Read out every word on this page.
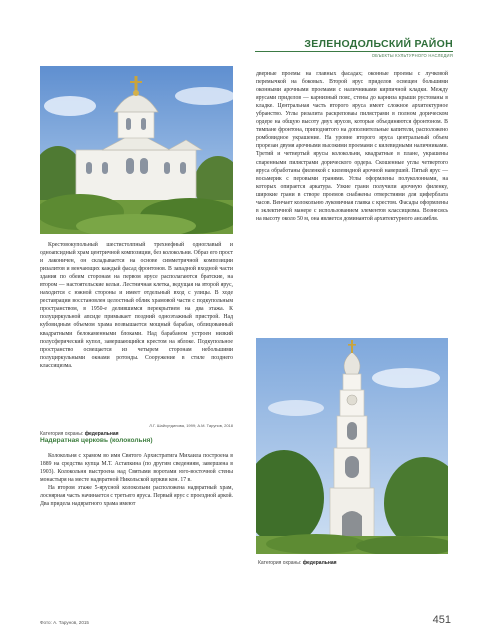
ЗЕЛЕНОДОЛЬСКИЙ РАЙОН
ОБЪЕКТЫ КУЛЬТУРНОГО НАСЛЕДИЯ

Крестовокупольный шестистолпный трехнефный одноглавый и одноапсидный храм центричной композиции, без колокольни. Образ его прост и лаконичен, он складывается на основе симметричной композиции ризалитов и венчающих каждый фасад фронтонов. В западной входной части здания по обеим сторонам на первом ярусе располагаются братские, на втором — настоятельские кельи. Лестничная клетка, ведущая на второй ярус, находится с южной стороны и имеет отдельный вход с улицы. В ходе реставрации восстановлен целостный облик храмовой части с подкупольным пространством, в 1950-е делившимся перекрытием на два этажа. К полуциркульной апсиде примыкает поздний одноэтажный пристрой. Над кубовидным объемом храма возвышается мощный барабан, облицованный квадратными белокаменными блоками. Над барабаном устроен низкий полусферический купол, завершающийся крестом на яблоке. Подкупольное пространство освещается из четырем сторонам небольшими полуциркульными окнами ротонды. Сооружение в стиле позднего классицизма.

Л.Г. Шайхутдинова, 1999; А.М. Тарунов, 2018
Категория охраны: федеральная

дверные проемы на главных фасадах; оконные проемы с лучковой перемычкой на боковых. Второй ярус приделов освещен большими оконными арочными проемами с наличниками кирпичной кладки. Между ярусами приделов — карнизный пояс, стены до карниза крыши рустованы в кладке. Центральная часть второго яруса имеет сложное архитектурное убранство. Углы ризалита раскреповаы пилястрами в полном дорическом ордере на общую высоту двух ярусов, которые объединяются фронтоном. В тимпане фронтона, приподнятого на дополнительные капители, расположено ромбовидное украшение. На уровне второго яруса центральный объем прорезан двумя арочными высокими проемами с килевидными наличниками. Третий и четвертый ярусы колокольни, квадратные в плане, украшены спаренными пилястрами дорического ордера. Скошенные углы четвертого яруса обработаны филенкой с килевидной арочной навершей. Пятый ярус — восьмерик с перовыми гранями. Углы оформлены полуколоннами, на которых опирается аркатура. Узкие грани получили арочную филенку, широкие грани в створе проемов снабжены отверстиями для циферблата часов. Венчает колокольню луковичная главка с крестом. Фасады оформлены в эклектичной манере с использованием элементов классицизма. Вознесясь на высоту около 50 м, она является доминантой архитектурного ансамбля.

Надвратная церковь (колокольня)

Колокольня с храмом во имя Святого Архистратига Михаила построена в 1889 на средства купца М.Т. Астапкина (по другим сведениям, завершена в 1903). Колокольня выстроена над Святыми воротами юго-восточной стены монастыря на месте надвратной Никольской церкви кон. 17 в.

На втором этаже 5-ярусной колокольни расположена надвратный храм, лоснярная часть начинается с третьего яруса. Первый ярус с проездной аркой. Два придела надвратного храма имеют

Категория охраны: федеральная
Фото: А. Тарунов, 2015	451
